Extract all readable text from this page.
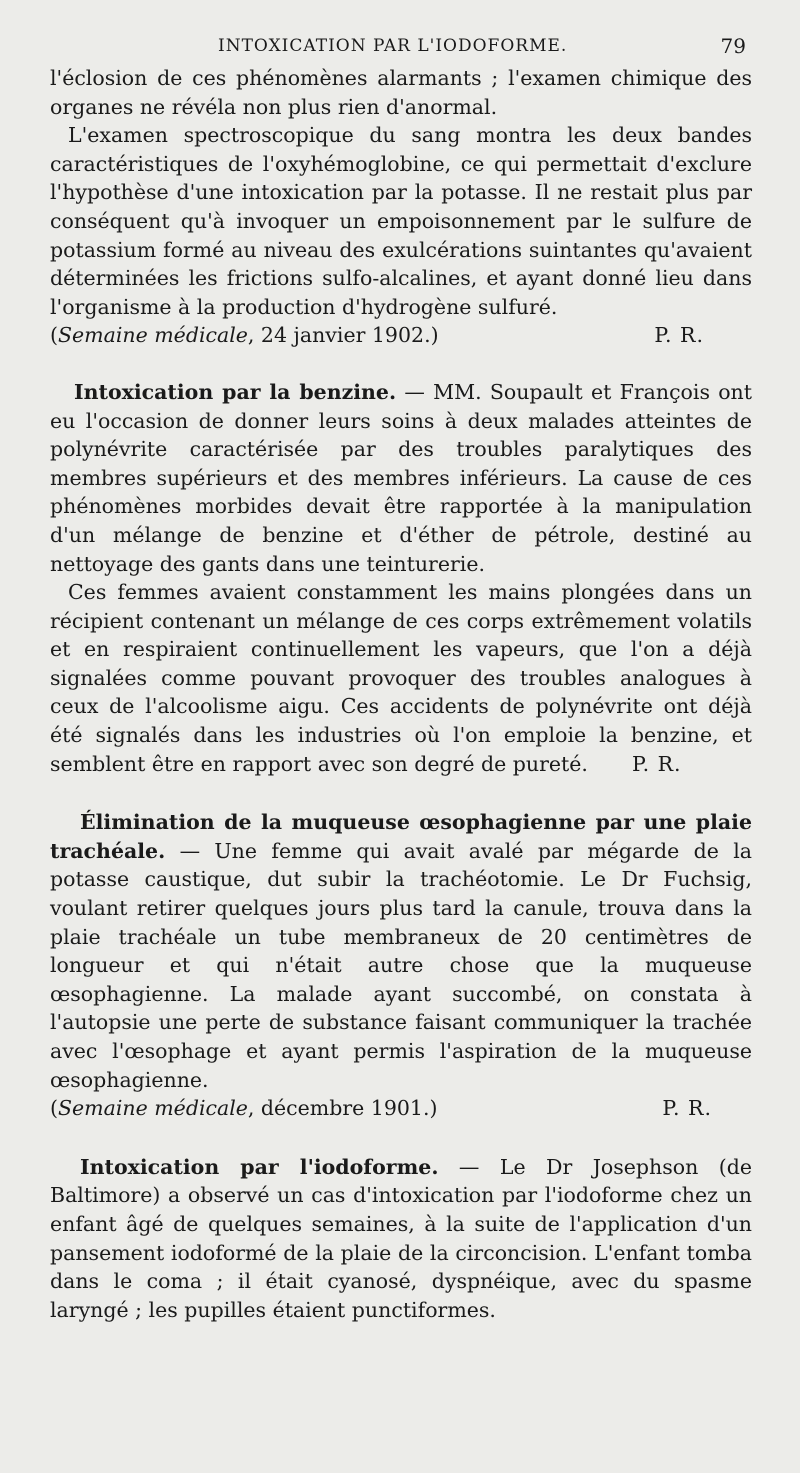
INTOXICATION PAR L'IODOFORME.	79

l'éclosion de ces phénomènes alarmants ; l'examen chimique des organes ne révéla non plus rien d'anormal.

L'examen spectroscopique du sang montra les deux bandes caractéristiques de l'oxyhémoglobine, ce qui permettait d'exclure l'hypothèse d'une intoxication par la potasse. Il ne restait plus par conséquent qu'à invoquer un empoisonnement par le sulfure de potassium formé au niveau des exulcérations suintantes qu'avaient déterminées les frictions sulfo-alcalines, et ayant donné lieu dans l'organisme à la production d'hydrogène sulfuré.

(Semaine médicale, 24 janvier 1902.)	P. R.

Intoxication par la benzine. — MM. Soupault et François ont eu l'occasion de donner leurs soins à deux malades atteintes de polynévrite caractérisée par des troubles paralytiques des membres supérieurs et des membres inférieurs. La cause de ces phénomènes morbides devait être rapportée à la manipulation d'un mélange de benzine et d'éther de pétrole, destiné au nettoyage des gants dans une teinturerie.

Ces femmes avaient constamment les mains plongées dans un récipient contenant un mélange de ces corps extrêmement volatils et en respiraient continuellement les vapeurs, que l'on a déjà signalées comme pouvant provoquer des troubles analogues à ceux de l'alcoolisme aigu. Ces accidents de polynévrite ont déjà été signalés dans les industries où l'on emploie la benzine, et semblent être en rapport avec son degré de pureté. P. R.

Élimination de la muqueuse œsophagienne par une plaie trachéale. — Une femme qui avait avalé par mégarde de la potasse caustique, dut subir la trachéotomie. Le Dr Fuchsig, voulant retirer quelques jours plus tard la canule, trouva dans la plaie trachéale un tube membraneux de 20 centimètres de longueur et qui n'était autre chose que la muqueuse œsophagienne. La malade ayant succombé, on constata à l'autopsie une perte de substance faisant communiquer la trachée avec l'œsophage et ayant permis l'aspiration de la muqueuse œsophagienne.

(Semaine médicale, décembre 1901.)	P. R.

Intoxication par l'iodoforme. — Le Dr Josephson (de Baltimore) a observé un cas d'intoxication par l'iodoforme chez un enfant âgé de quelques semaines, à la suite de l'application d'un pansement iodoformé de la plaie de la circoncision. L'enfant tomba dans le coma ; il était cyanosé, dyspnéique, avec du spasme laryngé ; les pupilles étaient punctiformes.
